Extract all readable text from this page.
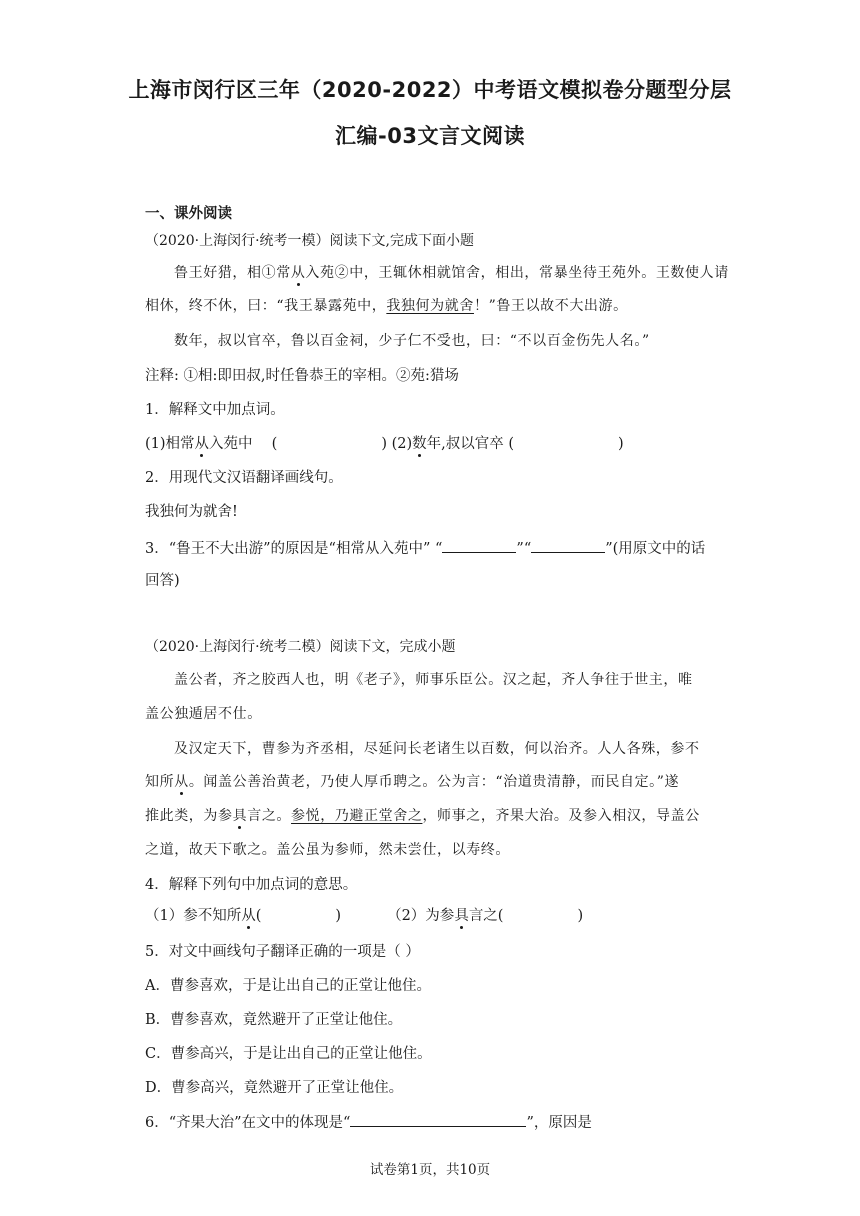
上海市闵行区三年（2020-2022）中考语文模拟卷分题型分层
汇编-03文言文阅读
一、课外阅读
（2020·上海闵行·统考一模）阅读下文,完成下面小题
鲁王好猎，相①常从入苑②中，王辄休相就馆舍，相出，常暴坐待王苑外。王数使人请
相休，终不休，曰：“我王暴露苑中，我独何为就舍！”鲁王以故不大出游。
数年，叔以官卒，鲁以百金祠，少子仁不受也，曰：“不以百金伤先人名。”
注释: ①相:即田叔,时任鲁恭王的宰相。②苑:猎场
1．解释文中加点词。
(1)相常从入苑中　 (	) (2)数年,叔以官卒 (	)
2．用现代文汉语翻译画线句。
我独何为就舍!
3．“鲁王不大出游”的原因是“相常从入苑中” “	”“	”(用原文中的话
回答)
（2020·上海闵行·统考二模）阅读下文，完成小题
盖公者，齐之胶西人也，明《老子》，师事乐臣公。汉之起，齐人争往于世主，唯
盖公独遁居不仕。
及汉定天下，曹参为齐丞相，尽延问长老诸生以百数，何以治齐。人人各殊，参不
知所从。闻盖公善治黄老，乃使人厚币聘之。公为言：“治道贵清静，而民自定。”遂
推此类，为参具言之。参悦，乃避正堂舍之，师事之，齐果大治。及参入相汉，导盖公
之道，故天下歌之。盖公虽为参师，然未尝仕，以寿终。
4．解释下列句中加点词的意思。
（1）参不知所从(	)	（2）为参具言之(	)
5．对文中画线句子翻译正确的一项是（ ）
A．曹参喜欢，于是让出自己的正堂让他住。
B．曹参喜欢，竟然避开了正堂让他住。
C．曹参高兴，于是让出自己的正堂让他住。
D．曹参高兴，竟然避开了正堂让他住。
6．“齐果大治”在文中的体现是“	”，原因是
试卷第1页，共10页
